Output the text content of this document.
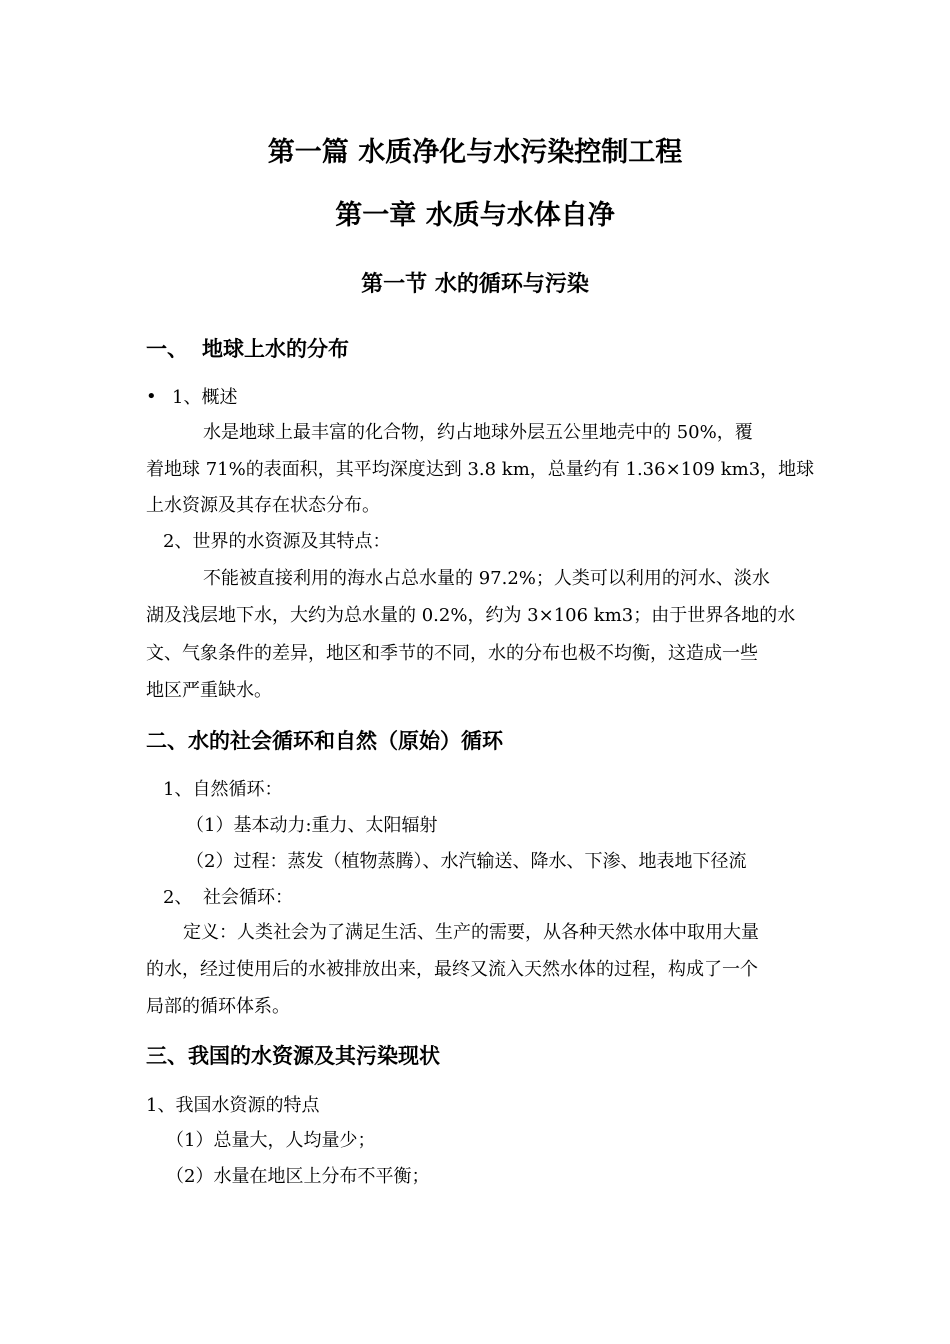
第一篇 水质净化与水污染控制工程
第一章 水质与水体自净
第一节 水的循环与污染
一、 地球上水的分布
• 1、概述
水是地球上最丰富的化合物，约占地球外层五公里地壳中的 50%，覆
着地球 71%的表面积，其平均深度达到 3.8 km，总量约有 1.36×109 km3，地球
上水资源及其存在状态分布。
2、世界的水资源及其特点：
不能被直接利用的海水占总水量的 97.2%；人类可以利用的河水、淡水
湖及浅层地下水，大约为总水量的 0.2%，约为 3×106 km3；由于世界各地的水
文、气象条件的差异，地区和季节的不同，水的分布也极不均衡，这造成一些
地区严重缺水。
二、水的社会循环和自然（原始）循环
1、自然循环：
（1）基本动力:重力、太阳辐射
（2）过程：蒸发（植物蒸腾）、水汽输送、降水、下渗、地表地下径流
2、 社会循环：
定义：人类社会为了满足生活、生产的需要，从各种天然水体中取用大量
的水，经过使用后的水被排放出来，最终又流入天然水体的过程，构成了一个
局部的循环体系。
三、我国的水资源及其污染现状
1、我国水资源的特点
（1）总量大，人均量少；
（2）水量在地区上分布不平衡；
